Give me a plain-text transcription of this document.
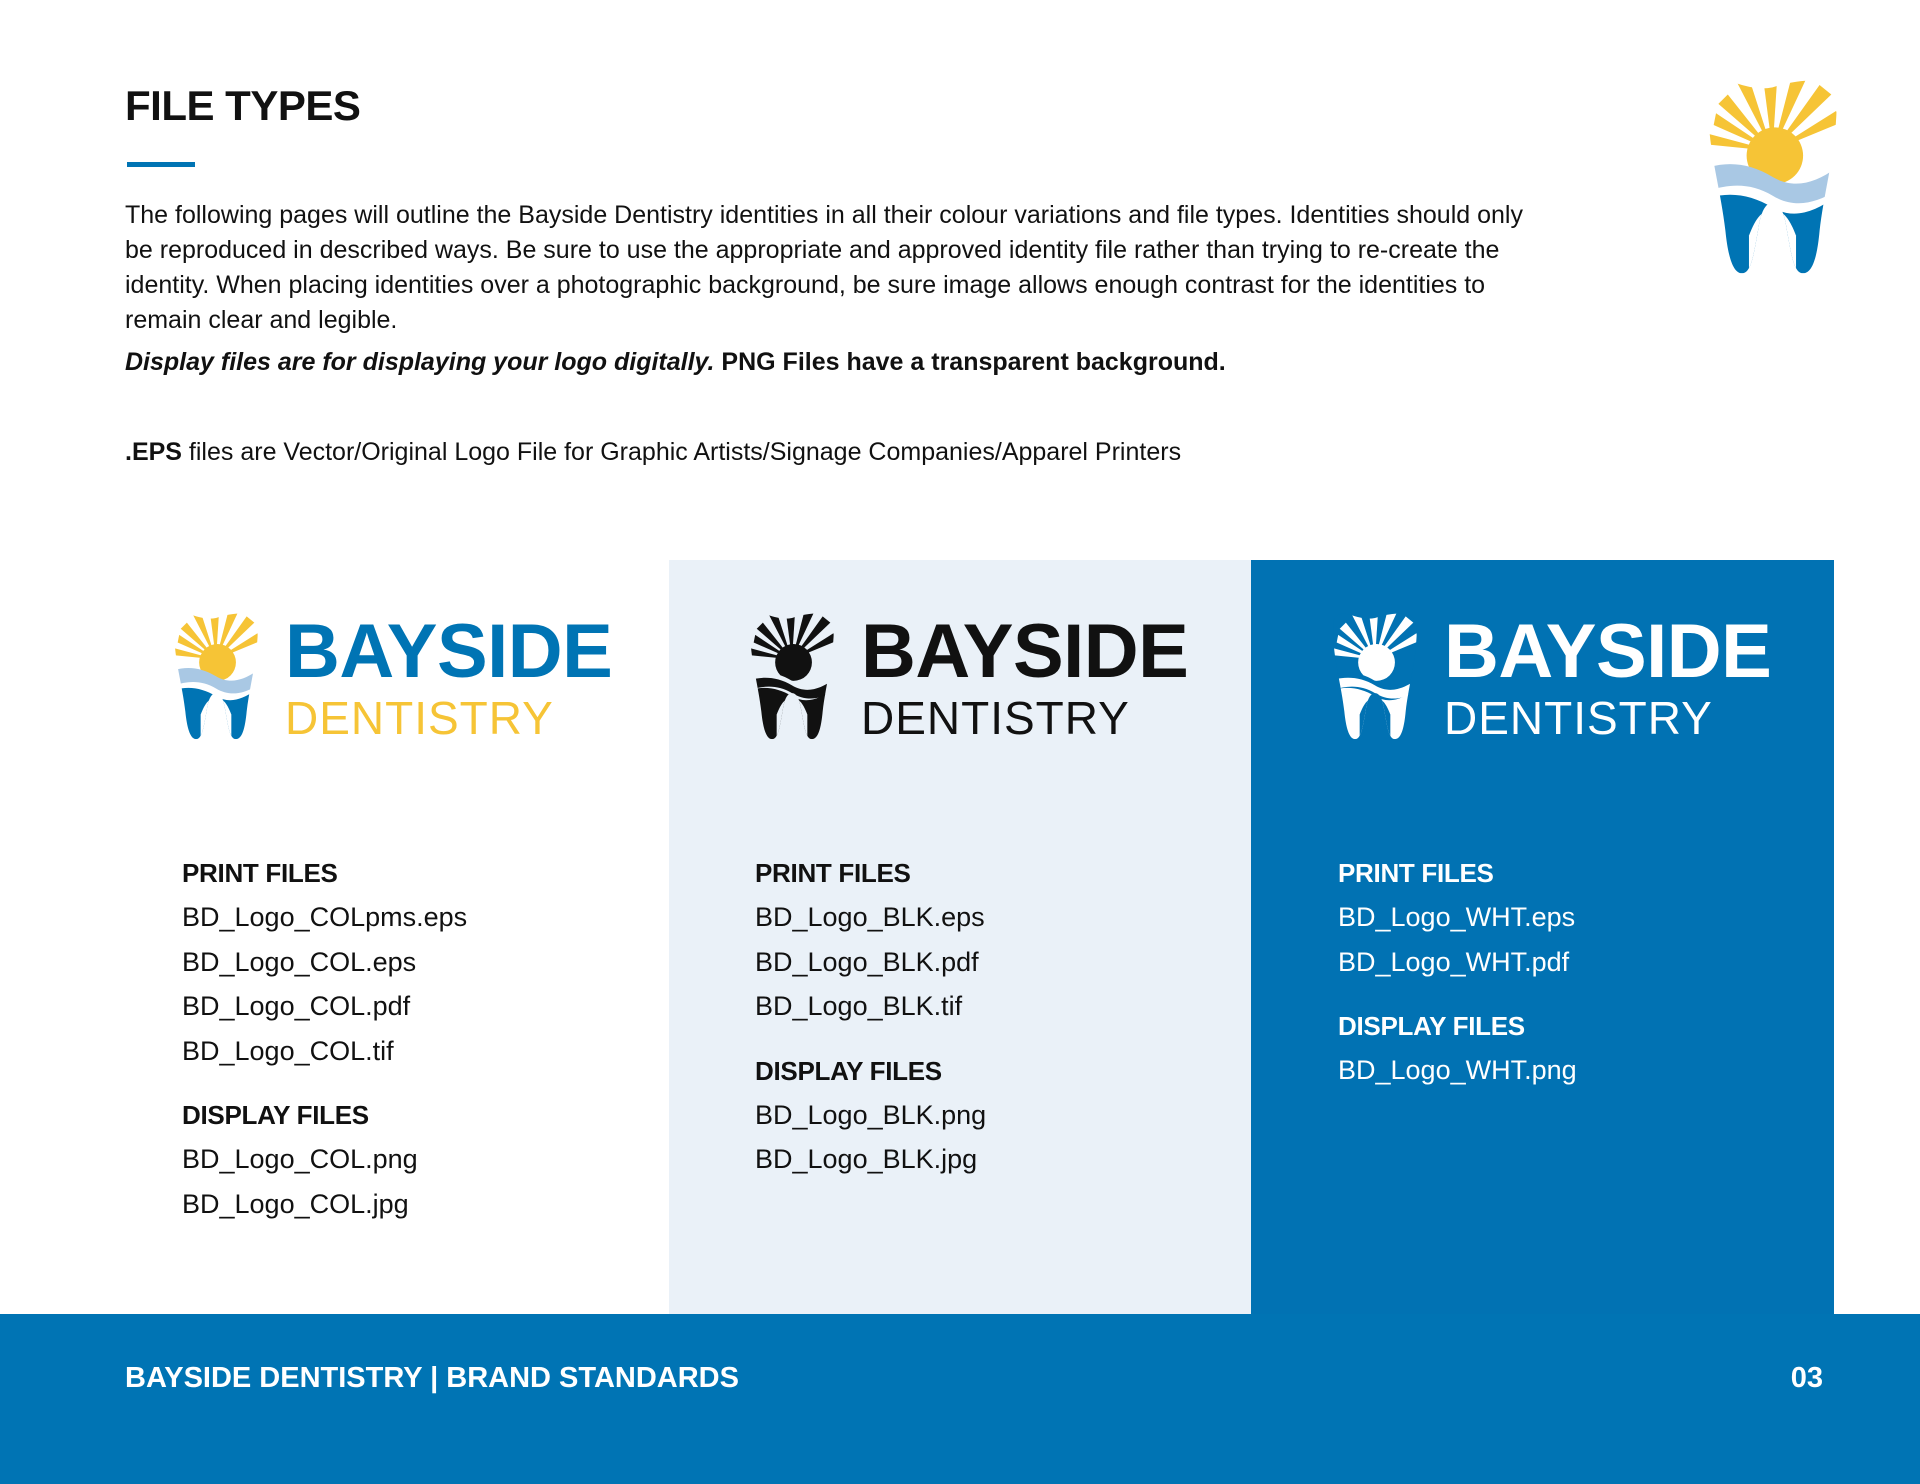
FILE TYPES

The following pages will outline the Bayside Dentistry identities in all their colour variations and file types. Identities should only be reproduced in described ways. Be sure to use the appropriate and approved identity file rather than trying to re-create the identity. When placing identities over a photographic background, be sure image allows enough contrast for the identities to remain clear and legible.

Display files are for displaying your logo digitally. PNG Files have a transparent background.

.EPS files are Vector/Original Logo File for Graphic Artists/Signage Companies/Apparel Printers

BAYSIDE
DENTISTRY

PRINT FILES

BD_Logo_COLpms.eps
BD_Logo_COL.eps
BD_Logo_COL.pdf
BD_Logo_COL.tif

DISPLAY FILES

BD_Logo_COL.png
BD_Logo_COL.jpg
BAYSIDE
DENTISTRY

PRINT FILES

BD_Logo_BLK.eps
BD_Logo_BLK.pdf
BD_Logo_BLK.tif

DISPLAY FILES

BD_Logo_BLK.png
BD_Logo_BLK.jpg
BAYSIDE
DENTISTRY

PRINT FILES

BD_Logo_WHT.eps
BD_Logo_WHT.pdf

DISPLAY FILES

BD_Logo_WHT.png

BAYSIDE DENTISTRY | BRAND STANDARDS	03
